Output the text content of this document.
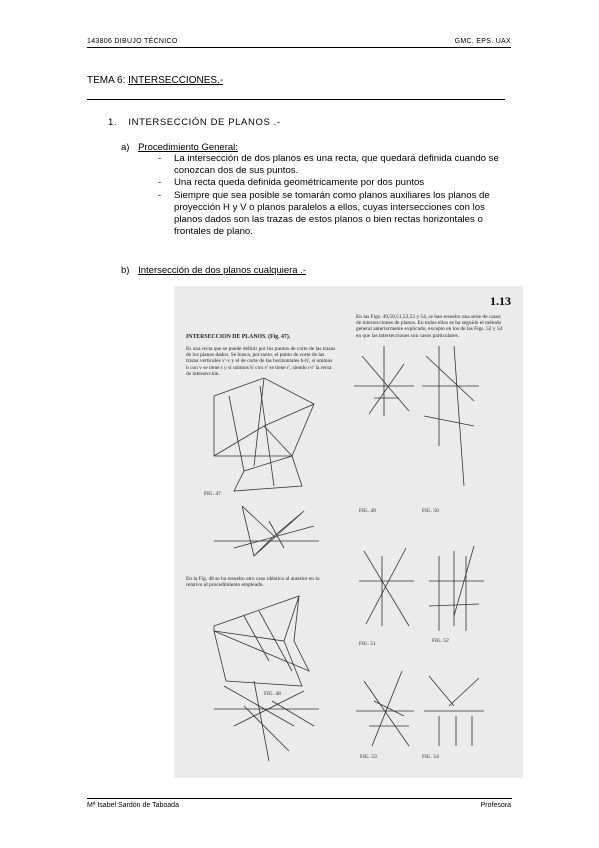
143806 DIBUJO TÉCNICO	GMC. EPS. UAX
TEMA 6: INTERSECCIONES.-
1. INTERSECCIÓN DE PLANOS .-
a) Procedimiento General:
- La intersección de dos planos es una recta, que quedará definida cuando se conozcan dos de sus puntos.
- Una recta queda definida geométricamente por dos puntos
- Siempre que sea posible se tomarán como planos auxiliares los planos de proyección H y V o planos paralelos a ellos, cuyas intersecciones con los planos dados son las trazas de estos planos o bien rectas horizontales o frontales de plano.
b) Intersección de dos planos cualquiera .-
1.13
INTERSECCION DE PLANOS. (Fig. 47).
Es una recta que se puede definir por los puntos de corte de las trazas de los planos dados. Se busca, por tanto, el punto de corte de las trazas verticales v'-v y el de corte de las horizontales h-h', si unimos h con v se tiene r y si unimos h' con v' se tiene r', siendo r-r' la recta de intersección.
En las Figs. 49,50,51,52,53 y 54, se han resuelto una serie de casos de intersecciones de planos. En todos ellos se ha seguido el método general anteriormente explicado, excepto en los de las Figs. 52 y 54 en que las intersecciones son casos particulares.
En la Fig. 48 se ha resuelto otro caso idéntico al anterior en lo relativo al procedimiento empleado.
FIG. 47
FIG. 48
FIG. 49	FIG. 50
FIG. 51	FIG. 52
FIG. 53	FIG. 54
Mª Isabel Sardón de Taboada	Profesora
